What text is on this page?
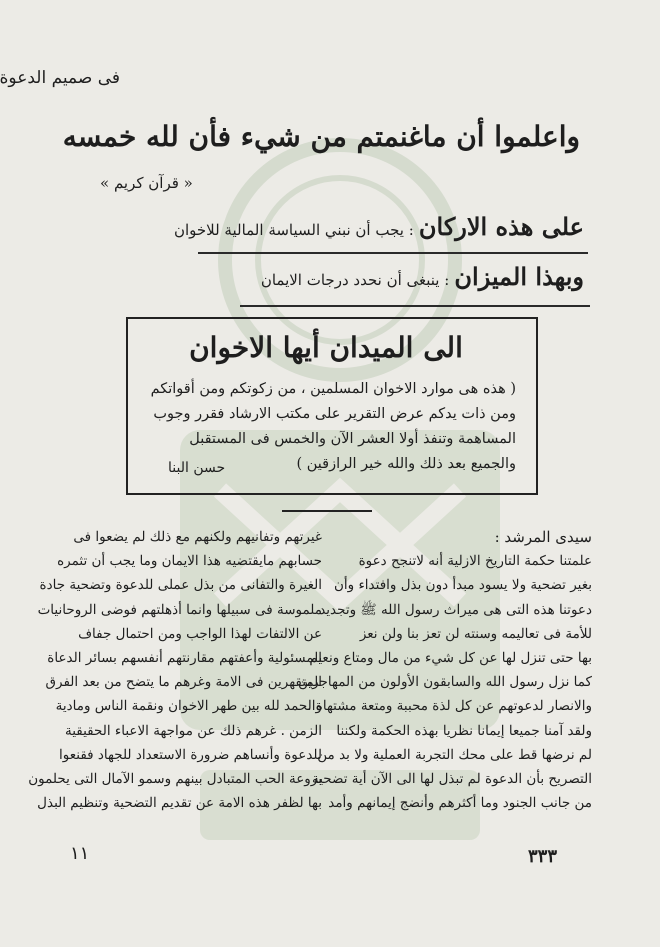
فى صميم الدعوة
واعلموا أن ماغنمتم من شيء فأن لله خمسه
« قرآن كريم »
على هذه الاركان : يجب أن نبني السياسة المالية للاخوان
وبهذا الميزان : ينبغى أن نحدد درجات الايمان
الى الميدان أيها الاخوان
( هذه هى موارد الاخوان المسلمين ، من زكوتكم ومن أقواتكم
ومن ذات يدكم عرض التقرير على مكتب الارشاد فقرر وجوب
المساهمة وتنفذ أولا العشر الآن والخمس فى المستقبل
والجميع بعد ذلك والله خير الرازقين )
حسن البنا
سيدى المرشد :
علمتنا حكمة التاريخ الازلية أنه لاتنجح دعوة
بغير تضحية ولا يسود مبدأ دون بذل وافتداء وأن
دعوتنا هذه التى هى ميراث رسول الله ﷺ وتجديد
للأمة فى تعاليمه وسنته لن تعز بنا ولن نعز
بها حتى تنزل لها عن كل شيء من مال ومتاع ونعيم
كما نزل رسول الله والسابقون الأولون من المهاجرين
والانصار لدعوتهم عن كل لذة محببة ومتعة مشتهاة .
ولقد آمنا جميعا إيمانا نظريا بهذه الحكمة ولكننا
لم نرضها قط على محك التجربة العملية ولا بد من
التصريح بأن الدعوة لم تبذل لها الى الآن أية تضحية
من جانب الجنود وما أكثرهم وأنضج إيمانهم وأمد
غيرتهم وتفانيهم ولكنهم مع ذلك لم يضعوا فى
حسابهم مايقتضيه هذا الايمان وما يجب أن تثمره
الغيرة والتفانى من بذل عملى للدعوة وتضحية جادة
ملموسة فى سبيلها وانما أذهلتهم فوضى الروحانيات
عن الالتفات لهذا الواجب ومن احتمال جفاف
المسئولية وأعفتهم مقارنتهم أنفسهم بسائر الدعاة
المتقهرين فى الامة وغرهم ما يتضح من بعد الفرق
والحمد لله بين طهر الاخوان ونقمة الناس ومادية
الزمن . غرهم ذلك عن مواجهة الاعباء الحقيقية
للدعوة وأنساهم ضرورة الاستعداد للجهاد فقنعوا
بروعة الحب المتبادل بينهم وسمو الآمال التى يحلمون
بها لظفر هذه الامة عن تقديم التضحية وتنظيم البذل
١١	٣٣٣
